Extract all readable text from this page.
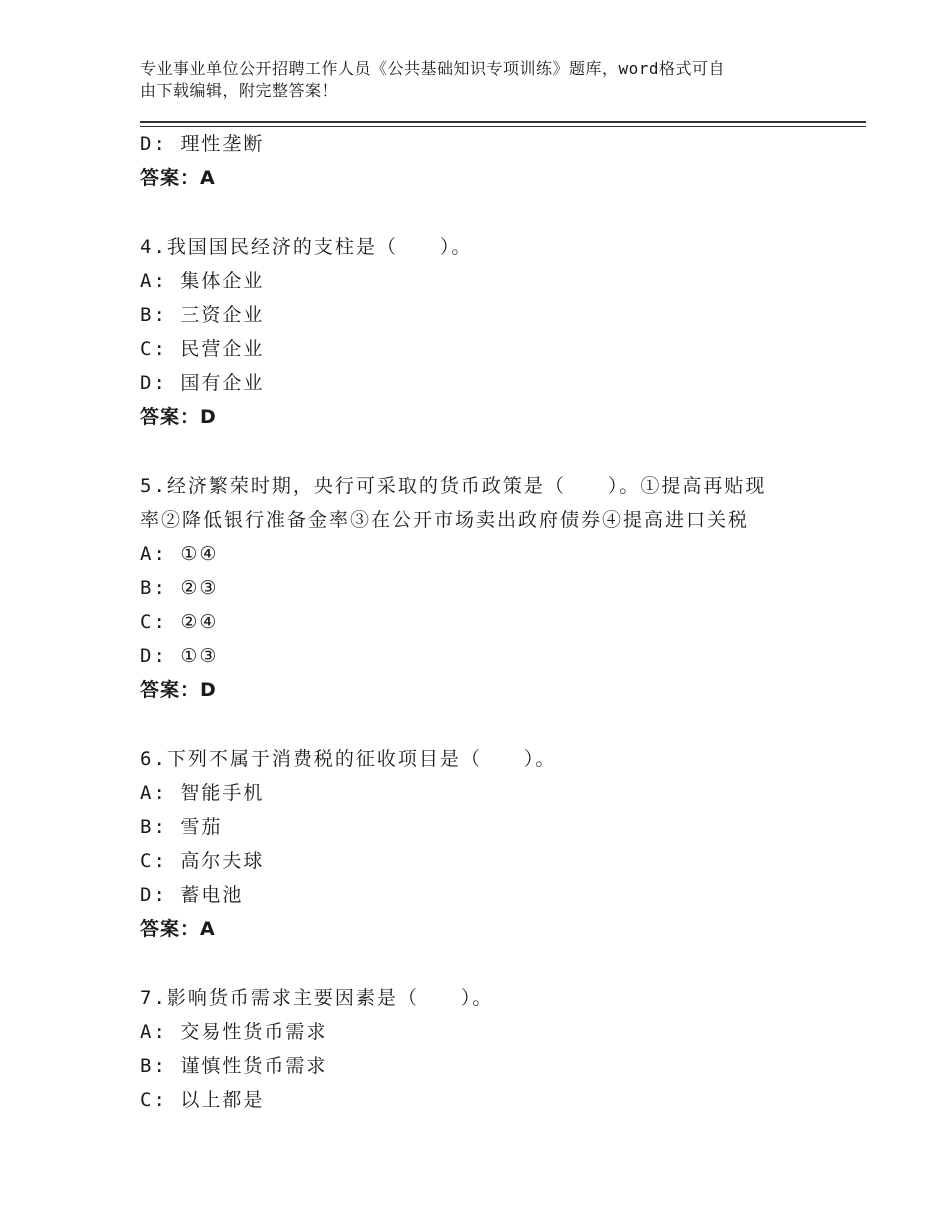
专业事业单位公开招聘工作人员《公共基础知识专项训练》题库，word格式可自
由下载编辑，附完整答案！
D: 理性垄断
答案：A
4.我国国民经济的支柱是（　　）。
A: 集体企业
B: 三资企业
C: 民营企业
D: 国有企业
答案：D
5.经济繁荣时期，央行可采取的货币政策是（　　）。①提高再贴现
率②降低银行准备金率③在公开市场卖出政府债券④提高进口关税
A: ①④
B: ②③
C: ②④
D: ①③
答案：D
6.下列不属于消费税的征收项目是（　　）。
A: 智能手机
B: 雪茄
C: 高尔夫球
D: 蓄电池
答案：A
7.影响货币需求主要因素是（　　）。
A: 交易性货币需求
B: 谨慎性货币需求
C: 以上都是
